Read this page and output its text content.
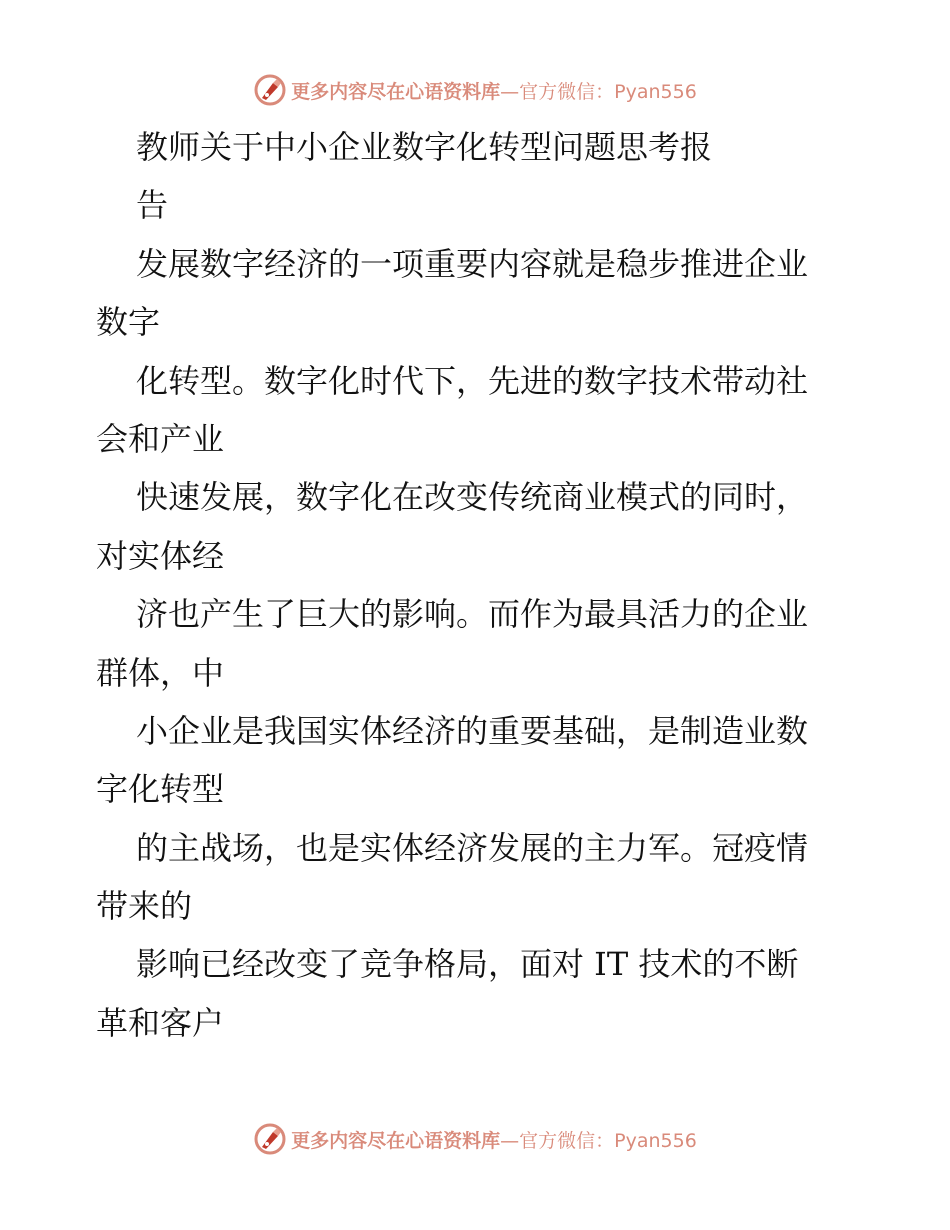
更多内容尽在心语资料库 —官方微信：Pyan556
教师关于中小企业数字化转型问题思考报
告
发展数字经济的一项重要内容就是稳步推进企业
数字
化转型。数字化时代下，先进的数字技术带动社
会和产业
快速发展，数字化在改变传统商业模式的同时，
对实体经
济也产生了巨大的影响。而作为最具活力的企业
群体，中
小企业是我国实体经济的重要基础，是制造业数
字化转型
的主战场，也是实体经济发展的主力军。冠疫情
带来的
影响已经改变了竞争格局，面对 IT 技术的不断
革和客户
更多内容尽在心语资料库 —官方微信：Pyan556
